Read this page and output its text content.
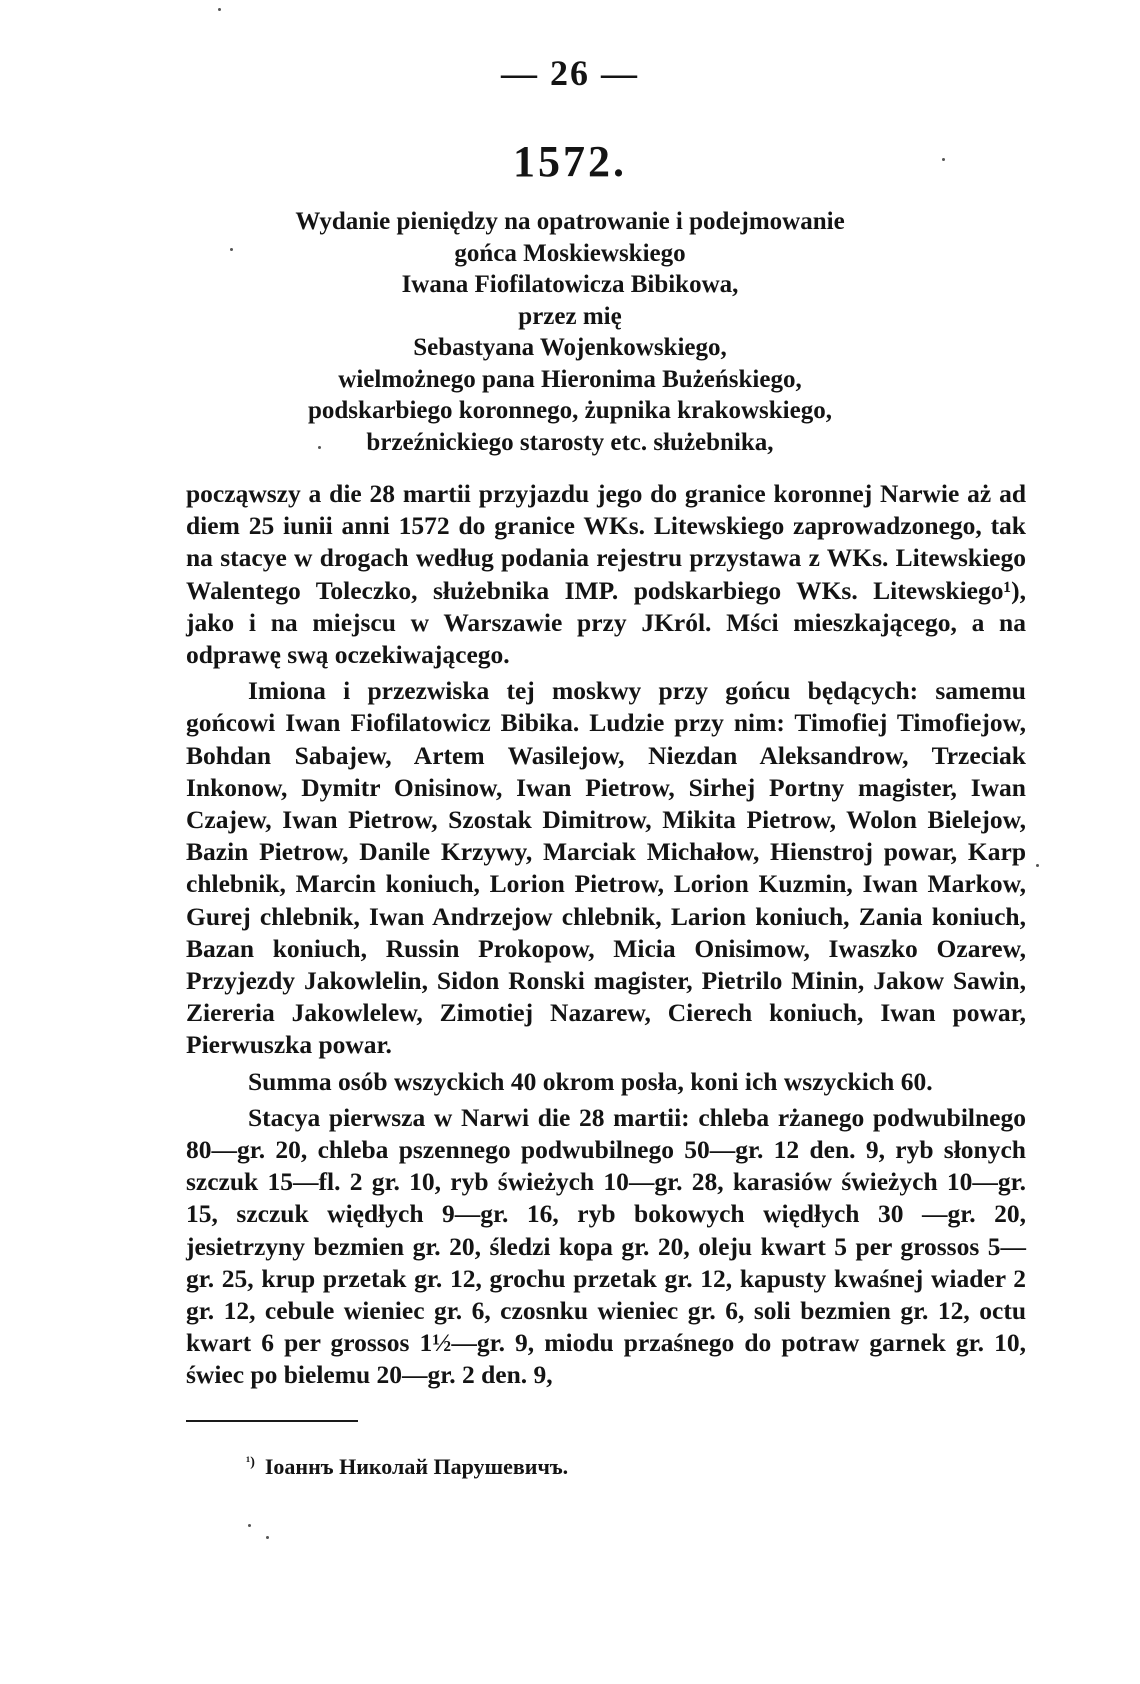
— 26 —
1572.
Wydanie pieniędzy na opatrowanie i podejmowanie
gońca Moskiewskiego
Iwana Fiofilatowicza Bibikowa,
przez mię
Sebastyana Wojenkowskiego,
wielmożnego pana Hieronima Bużeńskiego,
podskarbiego koronnego, żupnika krakowskiego,
brzeźnickiego starosty etc. służebnika,

począwszy a die 28 martii przyjazdu jego do granice koronnej Narwie aż ad diem 25 iunii anni 1572 do granice WKs. Litewskiego zaprowadzonego, tak na stacye w drogach według podania rejestru przystawa z WKs. Litewskiego Walentego Toleczko, służebnika IMP. podskarbiego WKs. Litewskiego¹), jako i na miejscu w Warszawie przy JKról. Mści mieszkającego, a na odprawę swą oczekiwającego.

Imiona i przezwiska tej moskwy przy gońcu będących: samemu gońcowi Iwan Fiofilatowicz Bibika. Ludzie przy nim: Timofiej Timofiejow, Bohdan Sabajew, Artem Wasilejow, Niezdan Aleksandrow, Trzeciak Inkonow, Dymitr Onisinow, Iwan Pietrow, Sirhej Portny magister, Iwan Czajew, Iwan Pietrow, Szostak Dimitrow, Mikita Pietrow, Wolon Bielejow, Bazin Pietrow, Danile Krzywy, Marciak Michałow, Hienstroj powar, Karp chlebnik, Marcin koniuch, Lorion Pietrow, Lorion Kuzmin, Iwan Markow, Gurej chlebnik, Iwan Andrzejow chlebnik, Larion koniuch, Zania koniuch, Bazan koniuch, Russin Prokopow, Micia Onisimow, Iwaszko Ozarew, Przyjezdy Jakowlelin, Sidon Ronski magister, Pietrilo Minin, Jakow Sawin, Ziereria Jakowlelew, Zimotiej Nazarew, Cierech koniuch, Iwan powar, Pierwuszka powar.

Summa osób wszyckich 40 okrom posła, koni ich wszyckich 60.

Stacya pierwsza w Narwi die 28 martii: chleba rżanego podwubilnego 80—gr. 20, chleba pszennego podwubilnego 50—gr. 12 den. 9, ryb słonych szczuk 15—fl. 2 gr. 10, ryb świeżych 10—gr. 28, karasiów świeżych 10—gr. 15, szczuk więdłych 9—gr. 16, ryb bokowych więdłych 30 —gr. 20, jesietrzyny bezmien gr. 20, śledzi kopa gr. 20, oleju kwart 5 per grossos 5—gr. 25, krup przetak gr. 12, grochu przetak gr. 12, kapusty kwaśnej wiader 2 gr. 12, cebule wieniec gr. 6, czosnku wieniec gr. 6, soli bezmien gr. 12, octu kwart 6 per grossos 1½—gr. 9, miodu przaśnego do potraw garnek gr. 10, świec po bielemu 20—gr. 2 den. 9,

$^{^1)}$ Іоаннъ Николай Парушевичъ.
